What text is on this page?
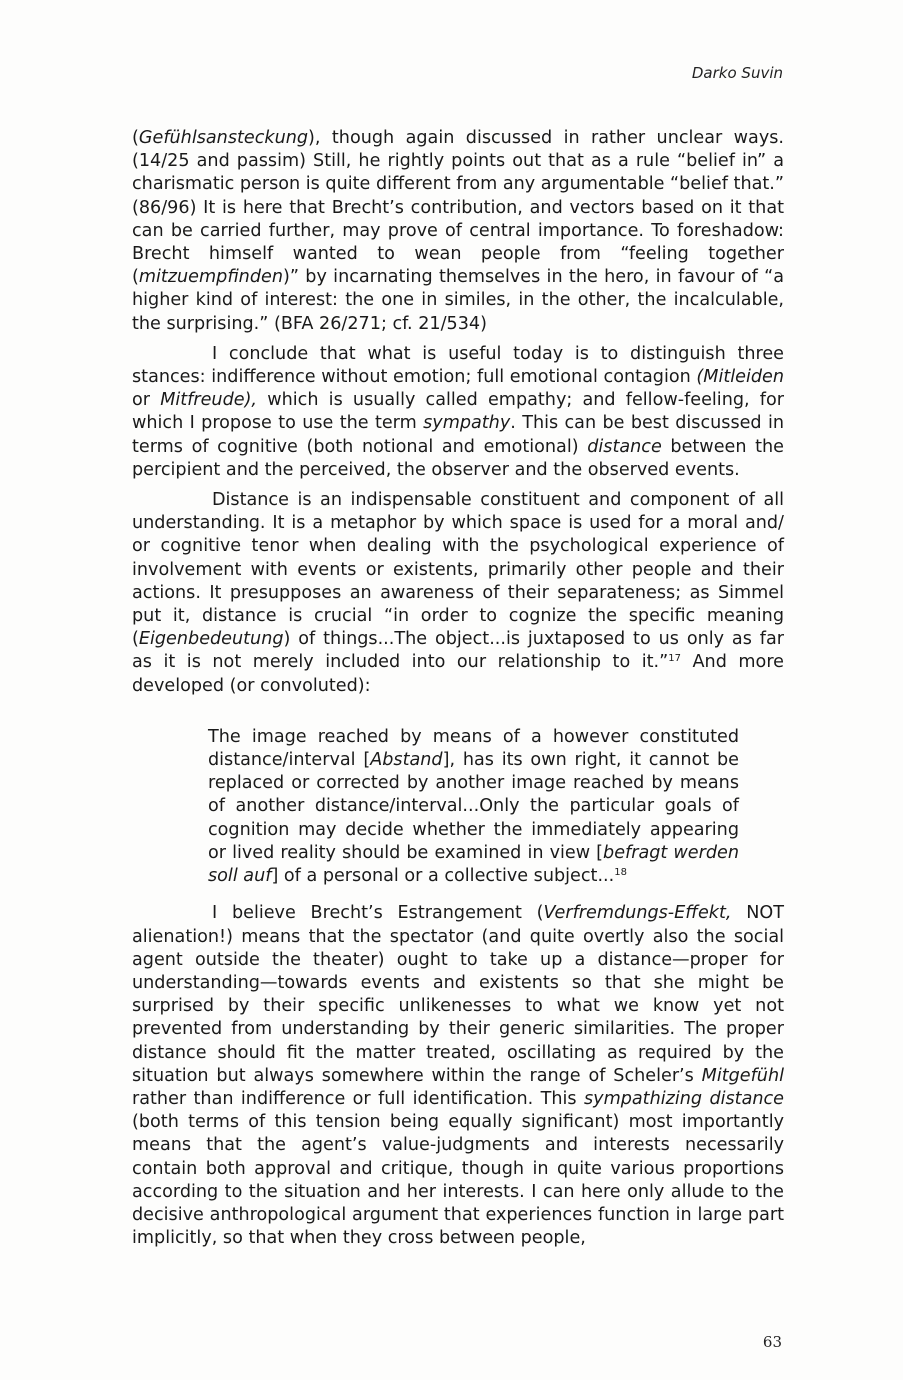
Darko Suvin

(Gefühlsansteckung), though again discussed in rather unclear ways. (14/25 and passim) Still, he rightly points out that as a rule “belief in” a charismatic person is quite different from any argumentable “belief that.” (86/96) It is here that Brecht’s contribution, and vectors based on it that can be carried further, may prove of central importance. To foreshadow: Brecht himself wanted to wean people from “feeling together (mitzuempfinden)” by incarnating themselves in the hero, in favour of “a higher kind of interest: the one in similes, in the other, the incalculable, the surprising.” (BFA 26/271; cf. 21/534)

I conclude that what is useful today is to distinguish three stances: indifference without emotion; full emotional contagion (Mitleiden or Mitfreude), which is usually called empathy; and fellow-feeling, for which I propose to use the term sympathy. This can be best discussed in terms of cognitive (both notional and emotional) distance between the percipient and the perceived, the observer and the observed events.

Distance is an indispensable constituent and component of all understanding. It is a metaphor by which space is used for a moral and/ or cognitive tenor when dealing with the psychological experience of involvement with events or existents, primarily other people and their actions. It presupposes an awareness of their separateness; as Simmel put it, distance is crucial “in order to cognize the specific meaning (Eigenbedeutung) of things...The object...is juxtaposed to us only as far as it is not merely included into our relationship to it.”$^{17}$ And more developed (or convoluted):

The image reached by means of a however constituted distance/interval [Abstand], has its own right, it cannot be replaced or corrected by another image reached by means of another distance/interval...Only the particular goals of cognition may decide whether the immediately appearing or lived reality should be examined in view [befragt werden soll auf] of a personal or a collective subject...$^{18}$

I believe Brecht’s Estrangement (Verfremdungs-Effekt, NOT alienation!) means that the spectator (and quite overtly also the social agent outside the theater) ought to take up a distance—proper for understanding—towards events and existents so that she might be surprised by their specific unlikenesses to what we know yet not prevented from understanding by their generic similarities. The proper distance should fit the matter treated, oscillating as required by the situation but always somewhere within the range of Scheler’s Mitgefühl rather than indifference or full identification. This sympathizing distance (both terms of this tension being equally significant) most importantly means that the agent’s value-judgments and interests necessarily contain both approval and critique, though in quite various proportions according to the situation and her interests. I can here only allude to the decisive anthropological argument that experiences function in large part implicitly, so that when they cross between people,

63
